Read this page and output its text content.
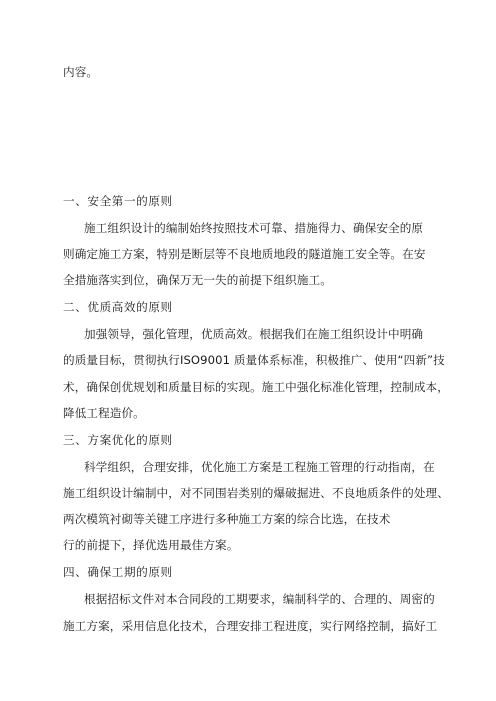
内容。
一、安全第一的原则
施工组织设计的编制始终按照技术可靠、措施得力、确保安全的原
则确定施工方案，特别是断层等不良地质地段的隧道施工安全等。在安
全措施落实到位，确保万无一失的前提下组织施工。
二、优质高效的原则
加强领导，强化管理，优质高效。根据我们在施工组织设计中明确
的质量目标，贯彻执行ISO9001 质量体系标准，积极推广、使用“四新”技
术，确保创优规划和质量目标的实现。施工中强化标准化管理，控制成本，
降低工程造价。
三、方案优化的原则
科学组织，合理安排，优化施工方案是工程施工管理的行动指南，在
施工组织设计编制中，对不同围岩类别的爆破掘进、不良地质条件的处理、
两次模筑衬砌等关键工序进行多种施工方案的综合比选，在技术
行的前提下，择优选用最佳方案。
四、确保工期的原则
根据招标文件对本合同段的工期要求，编制科学的、合理的、周密的
施工方案，采用信息化技术，合理安排工程进度，实行网络控制，搞好工
